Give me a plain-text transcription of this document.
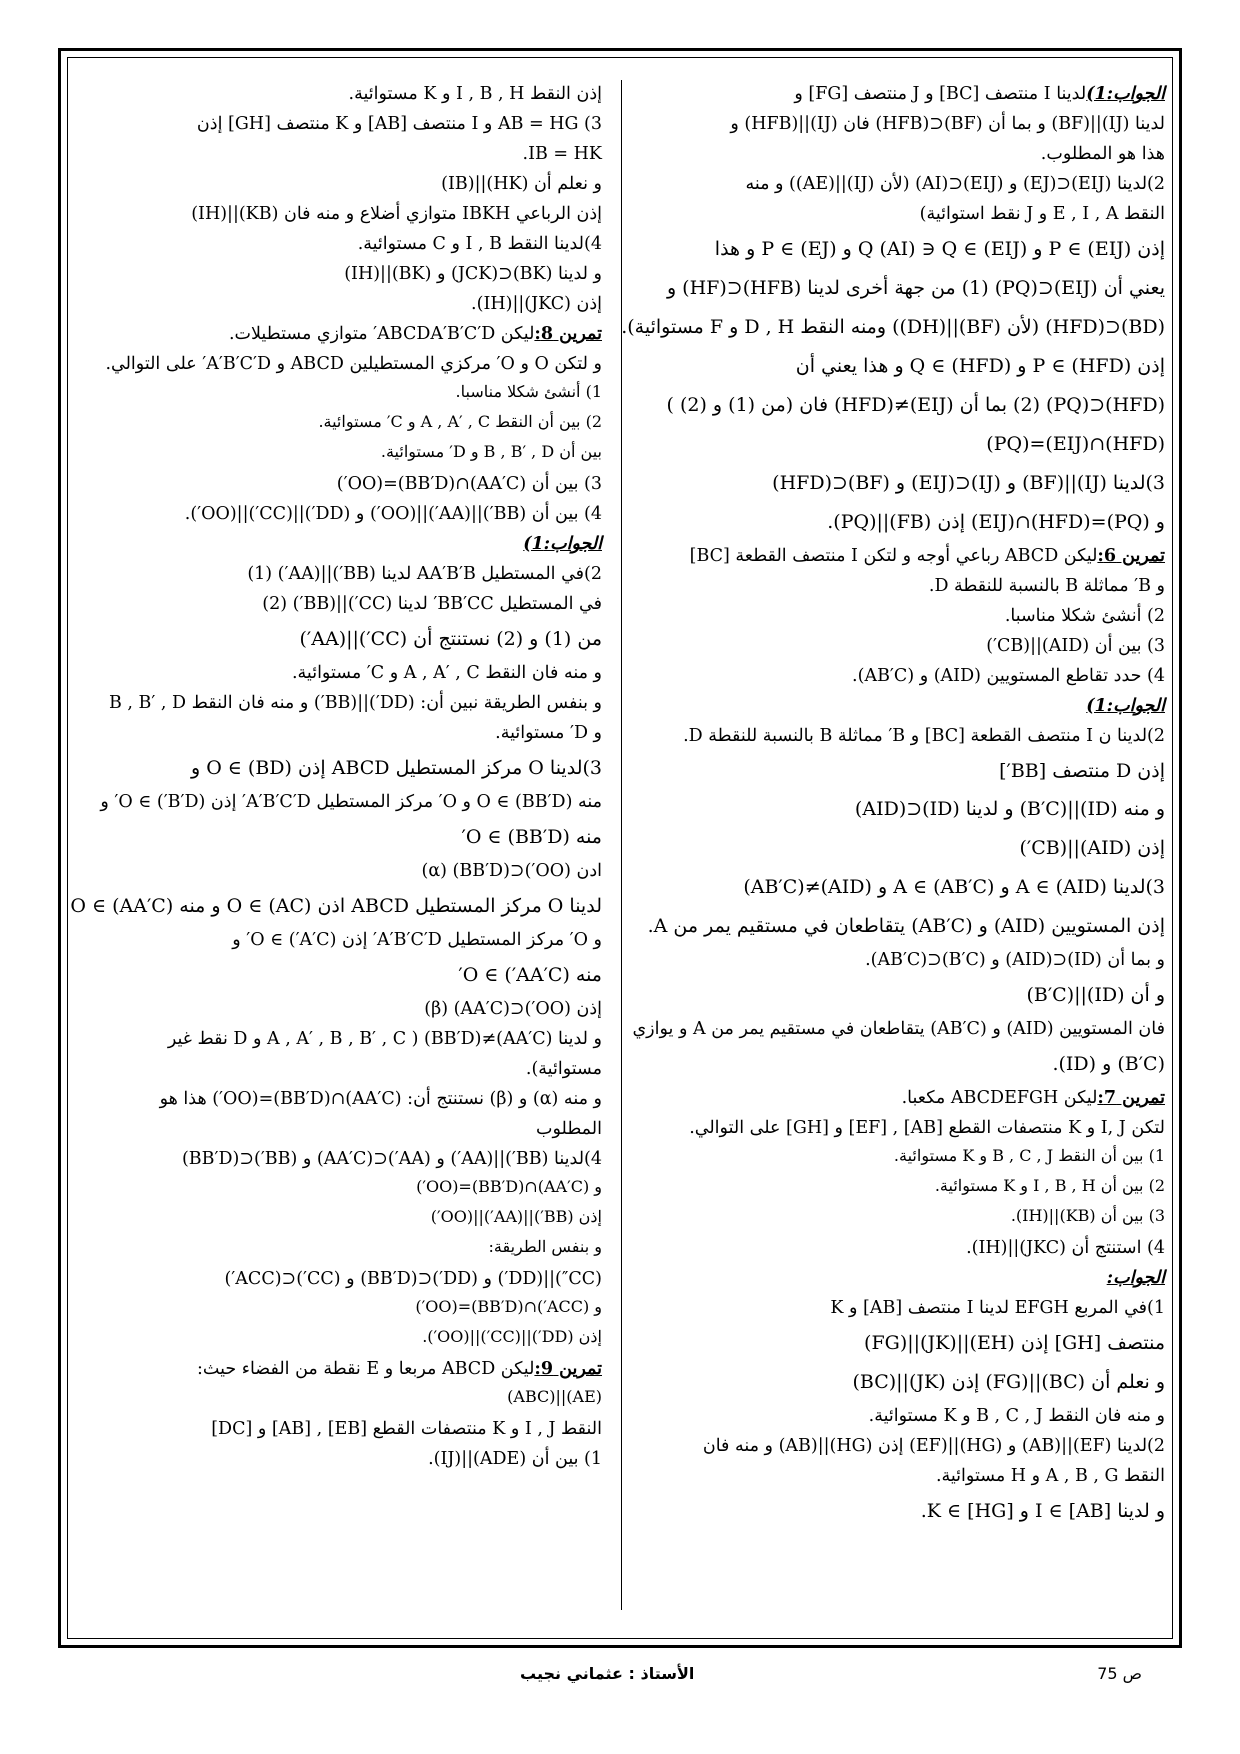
الجواب:1)لدينا I منتصف [BC] و J منتصف [FG] و
لدينا (IJ)||(BF) و بما أن (BF)⊂(HFB) فان (IJ)||(HFB) و
هذا هو المطلوب.
2)لدينا (EIJ)⊂(EJ) و (EIJ)⊂(AI) (لأن (IJ)||(AE)) و منه
النقط E , I , A و J نقط استوائية)
إذن (EIJ) ∋ P و (EIJ) ∋ Q (AI) ∋ Q و (EJ) ∋ P و هذا
يعني أن (EIJ)⊂(PQ) (1) من جهة أخرى لدينا (HFB)⊂(HF) و
(BD)⊂(HFD) (لأن (BF)||(DH)) ومنه النقط D , H و F مستوائية).
إذن (HFD) ∋ P و (HFD) ∋ Q و هذا يعني أن
(HFD)⊂(PQ) (2) بما أن (EIJ)≠(HFD) فان (من (1) و (2) )
(HFD)∩(EIJ)=(PQ)
3)لدينا (IJ)||(BF) و (IJ)⊂(EIJ) و (BF)⊂(HFD)
و (PQ)=(HFD)∩(EIJ) إذن (FB)||(PQ).
تمرين 6:ليكن ABCD رباعي أوجه و لتكن I منتصف القطعة [BC]
و B′ مماثلة B بالنسبة للنقطة D.
2) أنشئ شكلا مناسبا.
3) بين أن (AID)||(CB′)
4) حدد تقاطع المستويين (AID) و (AB′C).
الجواب:1)
2)لدينا ن I منتصف القطعة [BC] و B′ مماثلة B بالنسبة للنقطة D.
إذن D منتصف [BB′]
و منه (ID)||(B′C) و لدينا (ID)⊂(AID)
إذن (AID)||(CB′)
3)لدينا (AID) ∋ A و (AB′C) ∋ A و (AID)≠(AB′C)
إذن المستويين (AID) و (AB′C) يتقاطعان في مستقيم يمر من A.
و بما أن (ID)⊂(AID) و (B′C)⊂(AB′C).
و أن (ID)||(B′C)
فان المستويين (AID) و (AB′C) يتقاطعان في مستقيم يمر من A و يوازي
(B′C) و (ID).
تمرين 7:ليكن ABCDEFGH مكعبا.
لتكن I, J و K منتصفات القطع [AB] , [EF] و [GH] على التوالي.
1) بين أن النقط B , C , J و K مستوائية.
2) بين أن I , B , H و K مستوائية.
3) بين أن (KB)||(IH).
4) استنتج أن (JKC)||(IH).
الجواب:
1)في المربع EFGH لدينا I منتصف [AB] و K
منتصف [GH] إذن (EH)||(JK)||(FG)
و نعلم أن (BC)||(FG) إذن (JK)||(BC)
و منه فان النقط B , C , J و K مستوائية.
2)لدينا (EF)||(AB) و (HG)||(EF) إذن (HG)||(AB) و منه فان
النقط A , B , G و H مستوائية.
و لدينا [AB] ∋ I و [HG] ∋ K.
إذن النقط I , B , H و K مستوائية.
3) AB = HG و I منتصف [AB] و K منتصف [GH] إذن
IB = HK.
و نعلم أن (HK)||(IB)
إذن الرباعي IBKH متوازي أضلاع و منه فان (KB)||(IH)
4)لدينا النقط I , B و C مستوائية.
و لدينا (BK)⊂(JCK) و (BK)||(IH)
إذن (JKC)||(IH).
تمرين 8:ليكن ABCDA′B′C′D′ متوازي مستطيلات.
و لتكن O و O′ مركزي المستطيلين ABCD و A′B′C′D′ على التوالي.
1) أنشئ شكلا مناسبا.
2) بين أن النقط A , A′ , C و C′ مستوائية.
بين أن B , B′ , D و D′ مستوائية.
3) بين أن (AA′C)∩(BB′D)=(OO′)
4) بين أن (BB′)||(AA′)||(OO′) و (DD′)||(CC′)||(OO′).
الجواب:1)
2)في المستطيل AA′B′B لدينا (BB′)||(AA′) (1)
في المستطيل BB′CC′ لدينا (CC′)||(BB′) (2)
من (1) و (2) نستنتج أن (CC′)||(AA′)
و منه فان النقط A , A′ , C و C′ مستوائية.
و بنفس الطريقة نبين أن: (DD′)||(BB′) و منه فان النقط B , B′ , D
و D′ مستوائية.
3)لدينا O مركز المستطيل ABCD إذن (BD) ∋ O و
منه (BB′D) ∋ O و O′ مركز المستطيل A′B′C′D′ إذن (B′D′) ∋ O′ و
منه (BB′D) ∋ O′
ادن (OO′)⊂(BB′D) (α)
لدينا O مركز المستطيل ABCD اذن (AC) ∋ O و منه (AA′C) ∋ O
و O′ مركز المستطيل A′B′C′D′ إذن (A′C′) ∋ O′ و
منه (AA′C′) ∋ O′
إذن (OO′)⊂(AA′C) (β)
و لدينا (AA′C)≠(BB′D) ( A , A′ , B , B′ , C و D نقط غير
مستوائية).
و منه (α) و (β) نستنتج أن: (AA′C)∩(BB′D)=(OO′) هذا هو
المطلوب
4)لدينا (BB′)||(AA′) و (AA′)⊂(AA′C) و (BB′)⊂(BB′D)
و (AA′C)∩(BB′D)=(OO′)
إذن (BB′)||(AA′)||(OO′)
و بنفس الطريقة:
(CC″)||(DD′) و (DD′)⊂(BB′D) و (CC′)⊂(ACC′)
و (ACC′)∩(BB′D)=(OO′)
إذن (DD′)||(CC′)||(OO′).
تمرين 9:ليكن ABCD مربعا و E نقطة من الفضاء حيث:
(AE)||(ABC)
النقط I , J و K منتصفات القطع [EB] , [AB] و [DC]
1) بين أن (ADE)||(IJ).
ص 75
الأستاذ : عثماني نجيب
